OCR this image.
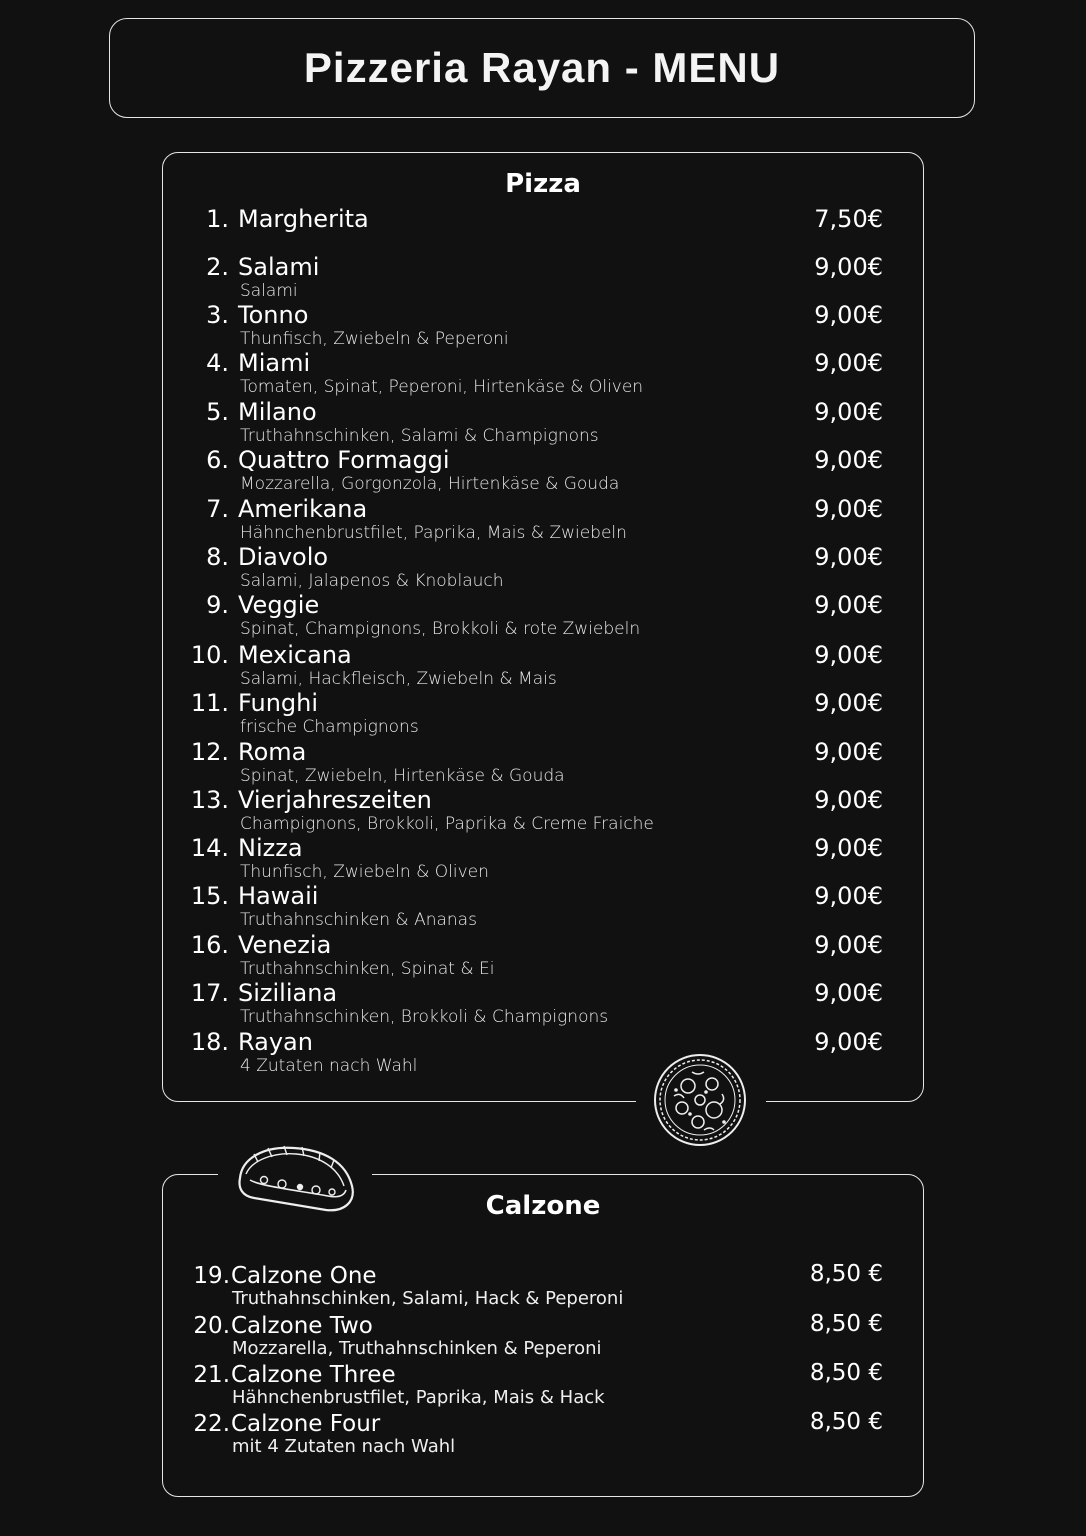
Pizzeria Rayan - MENU
Pizza
1. Margherita	7,50€
2. Salami	9,00€
Salami
3. Tonno	9,00€
Thunfisch, Zwiebeln & Peperoni
4. Miami	9,00€
Tomaten, Spinat, Peperoni, Hirtenkäse & Oliven
5. Milano	9,00€
Truthahnschinken, Salami & Champignons
6. Quattro Formaggi	9,00€
Mozzarella, Gorgonzola, Hirtenkäse & Gouda
7. Amerikana	9,00€
Hähnchenbrustfilet, Paprika, Mais & Zwiebeln
8. Diavolo	9,00€
Salami, Jalapenos & Knoblauch
9. Veggie	9,00€
Spinat, Champignons, Brokkoli & rote Zwiebeln
10. Mexicana	9,00€
Salami, Hackfleisch, Zwiebeln & Mais
11. Funghi	9,00€
frische Champignons
12. Roma	9,00€
Spinat, Zwiebeln, Hirtenkäse & Gouda
13. Vierjahreszeiten	9,00€
Champignons, Brokkoli, Paprika & Creme Fraiche
14. Nizza	9,00€
Thunfisch, Zwiebeln & Oliven
15. Hawaii	9,00€
Truthahnschinken & Ananas
16. Venezia	9,00€
Truthahnschinken, Spinat & Ei
17. Siziliana	9,00€
Truthahnschinken, Brokkoli & Champignons
18. Rayan	9,00€
4 Zutaten nach Wahl
Calzone
19. Calzone One	8,50 €
Truthahnschinken, Salami, Hack & Peperoni
20. Calzone Two	8,50 €
Mozzarella, Truthahnschinken & Peperoni
21. Calzone Three	8,50 €
Hähnchenbrustfilet, Paprika, Mais & Hack
22. Calzone Four	8,50 €
mit 4 Zutaten nach Wahl
